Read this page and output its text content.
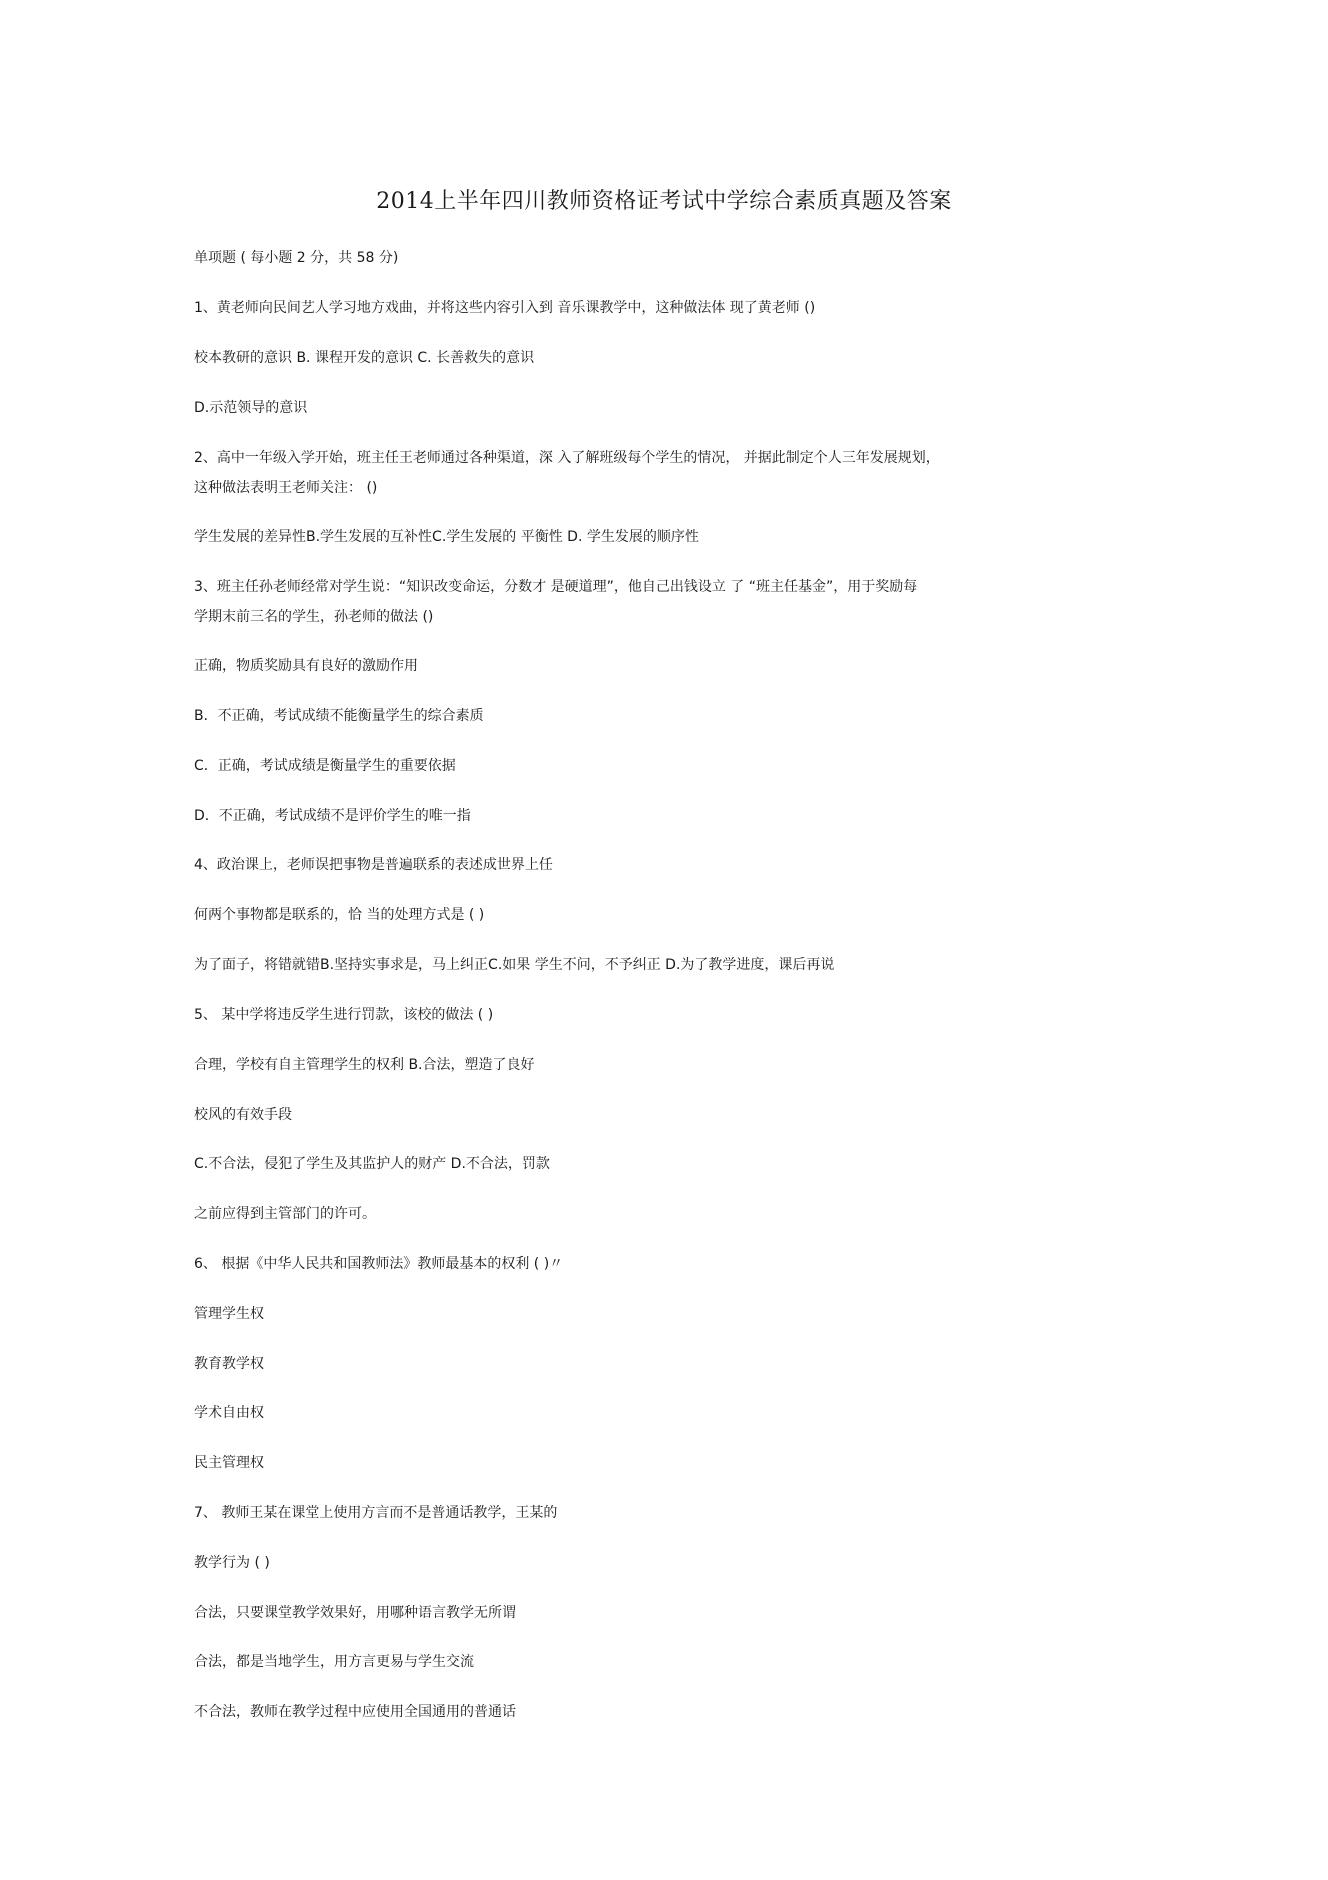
2014上半年四川教师资格证考试中学综合素质真题及答案
单项题 ( 每小题 2 分，共 58 分)
1、黄老师向民间艺人学习地方戏曲，并将这些内容引入到 音乐课教学中，这种做法体 现了黄老师 ()
校本教研的意识 B. 课程开发的意识 C. 长善救失的意识
D.示范领导的意识
2、高中一年级入学开始，班主任王老师通过各种渠道，深 入了解班级每个学生的情况， 并据此制定个人三年发展规划，
这种做法表明王老师关注： ()
学生发展的差异性B.学生发展的互补性C.学生发展的 平衡性 D. 学生发展的顺序性
3、班主任孙老师经常对学生说：“知识改变命运，分数才 是硬道理”，他自己出钱设立 了 “班主任基金”，用于奖励每
学期末前三名的学生，孙老师的做法 ()
正确，物质奖励具有良好的激励作用
B．不正确，考试成绩不能衡量学生的综合素质
C．正确，考试成绩是衡量学生的重要依据
D．不正确，考试成绩不是评价学生的唯一指
4、政治课上，老师误把事物是普遍联系的表述成世界上任
何两个事物都是联系的，恰 当的处理方式是 ( )
为了面子，将错就错B.坚持实事求是，马上纠正C.如果 学生不问，不予纠正 D.为了教学进度，课后再说
5、 某中学将违反学生进行罚款，该校的做法 ( )
合理，学校有自主管理学生的权利 B.合法，塑造了良好
校风的有效手段
C.不合法，侵犯了学生及其监护人的财产 D.不合法，罚款
之前应得到主管部门的许可。
6、 根据《中华人民共和国教师法》教师最基本的权利 ( )〃
管理学生权
教育教学权
学术自由权
民主管理权
7、 教师王某在课堂上使用方言而不是普通话教学，王某的
教学行为 ( )
合法，只要课堂教学效果好，用哪种语言教学无所谓
合法，都是当地学生，用方言更易与学生交流
不合法，教师在教学过程中应使用全国通用的普通话
